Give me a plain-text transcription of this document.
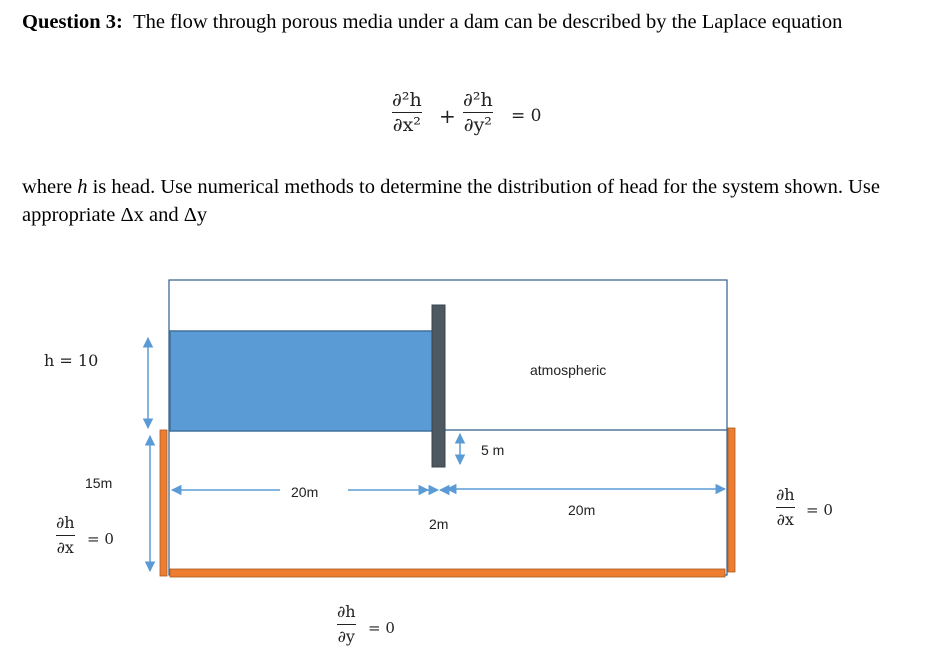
Question 3: The flow through porous media under a dam can be described by the Laplace equation
∂²h
∂x² +
∂²h
∂y² = 0
where h is head. Use numerical methods to determine the distribution of head for the system shown. Use appropriate Δx and Δy
h = 10
∂h
∂x = 0
∂h
∂x = 0
∂h
∂y = 0
15m
20m
2m
20m
5 m
atmospheric
